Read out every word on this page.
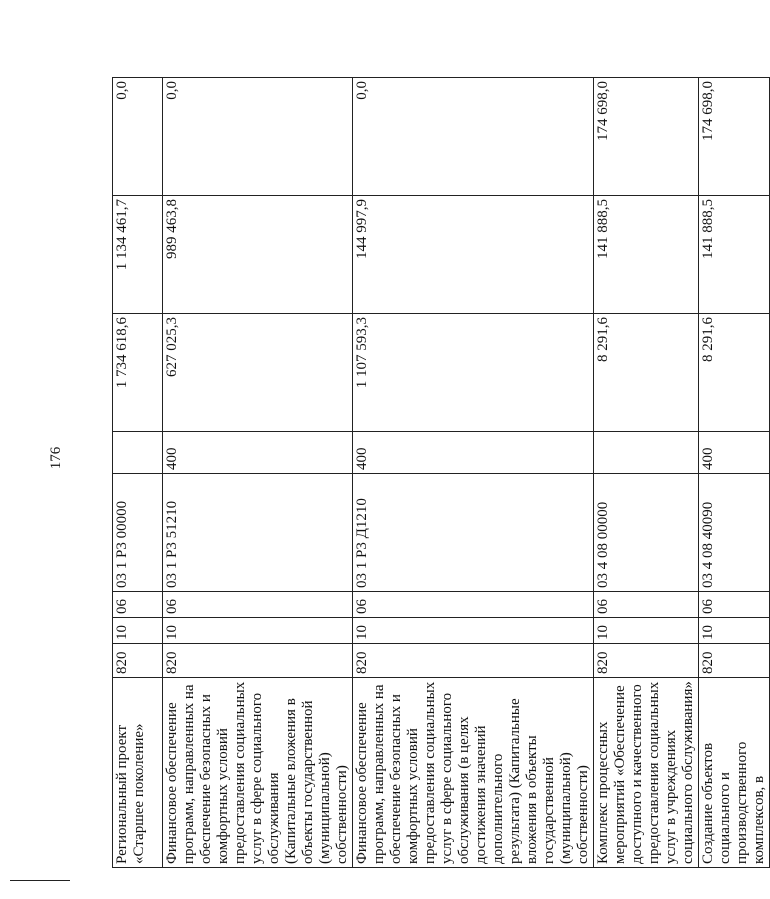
176
Региональный проект «Старшее поколение»	820	10	06	03 1 Р3 00000		1 734 618,6	1 134 461,7	0,0
Финансовое обеспечение программ, направленных на обеспечение безопасных и комфортных условий предоставления социальных услуг в сфере социального обслуживания (Капитальные вложения в объекты государственной (муниципальной) собственности)	820	10	06	03 1 Р3 51210	400	627 025,3	989 463,8	0,0
Финансовое обеспечение программ, направленных на обеспечение безопасных и комфортных условий предоставления социальных услуг в сфере социального обслуживания (в целях достижения значений дополнительного результата) (Капитальные вложения в объекты государственной (муниципальной) собственности)	820	10	06	03 1 Р3 Д1210	400	1 107 593,3	144 997,9	0,0
Комплекс процессных мероприятий «Обеспечение доступного и качественного предоставления социальных услуг в учреждениях социального обслуживания»	820	10	06	03 4 08 00000		8 291,6	141 888,5	174 698,0
Создание объектов социального и производственного комплексов, в	820	10	06	03 4 08 40090	400	8 291,6	141 888,5	174 698,0
